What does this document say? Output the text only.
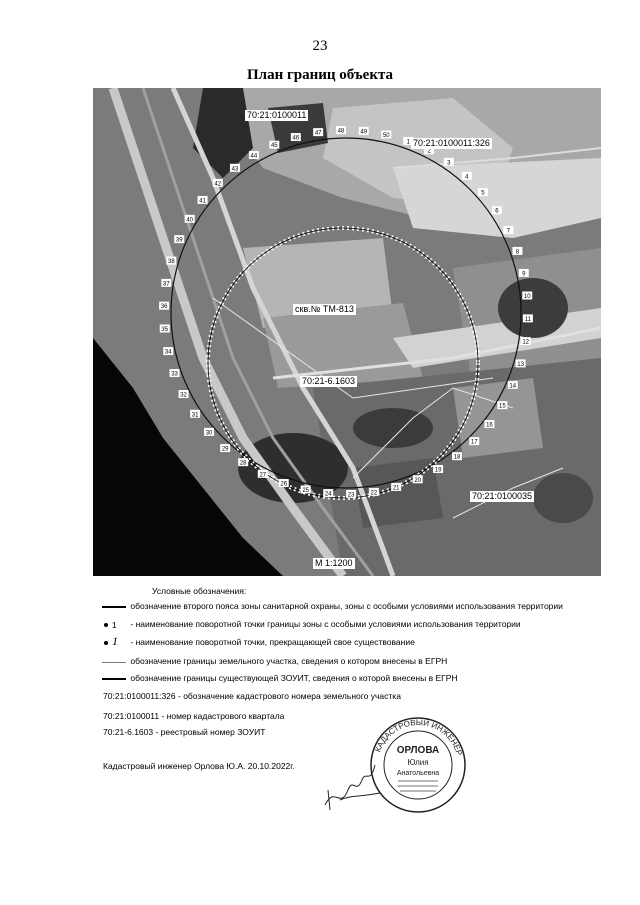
23
План границ объекта
1
2
3
4
5
6
7
8
9
10
11
12
13
14
15
16
17
18
19
20
21
22
23
24
25
26
27
28
29
30
31
32
33
34
35
36
37
38
39
40
41
42
43
44
45
46
47	48	49
50
70:21:0100011
70:21:0100011:326
скв.№ ТМ-813
70:21-6.1603
70:21:0100035
М 1:1200
Условные обозначения:
обозначение второго пояса зоны санитарной охраны, зоны с особыми условиями использования территории
1 - наименование поворотной точки границы зоны с особыми условиями использования территории
1 - наименование поворотной точки, прекращающей свое существование
обозначение границы земельного участка, сведения о котором внесены в ЕГРН
обозначение границы существующей ЗОУИТ, сведения о которой внесены в ЕГРН
70:21:0100011:326 - обозначение кадастрового номера земельного участка
70:21:0100011 - номер кадастрового квартала
70:21-6.1603 - реестровый номер ЗОУИТ
Кадастровый инженер Орлова Ю.А. 20.10.2022г.
КАДАСТРОВЫЙ ИНЖЕНЕР
ОРЛОВА
Юлия
Анатольевна
